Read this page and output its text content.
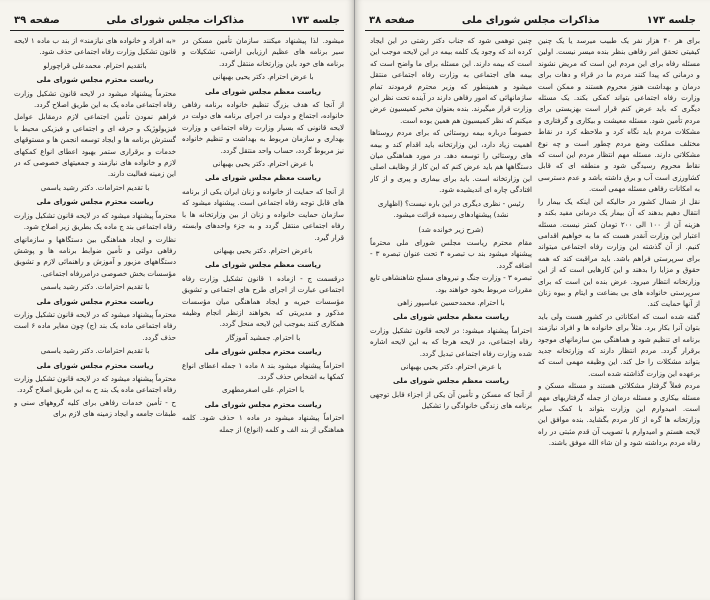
جلسه ۱۷۳
مذاکرات مجلس شورای ملی
صفحه ۳۹

میشود. لذا پیشنهاد میکنند سازمان تأمین مسکن در سیر برنامه های عظیم ارزیابی اراضی، تشکیلات و برنامه های خود باین وزارتخانه منتقل گردد.

با عرض احترام. دکتر یحیی بهبهانی
ریاست معظم مجلس شورای ملی

از آنجا که هدف بزرگ تنظیم خانواده برنامه رفاهی خانواده، اجتماع و دولت در اجرای برنامه های دولت در لایحه قانونی که بسیار وزارت رفاه اجتماعی و وزارت بهداری و سازمان مربوط به بهداشت و تنظیم خانواده نیز مربوط گردد، حساب واحد منتقل گردد.

با عرض احترام. دکتر یحیی بهبهانی
ریاست معظم مجلس شورای ملی

از آنجا که حمایت از خانواده و زنان ایران یکی از برنامه های قابل توجه رفاه اجتماعی است. پیشنهاد میشود که سازمان حمایت خانواده و زنان از بین وزارتخانه ها با رفاه اجتماعی منتقل گردد و به جزء واحدهای وابسته قرار گیرد.

باعرض احترام. دکتر یحیی بهبهانی
ریاست معظم مجلس شورای ملی

درقسمت ج - ازماده ۱ قانون تشکیل وزارت رفاه اجتماعی عبارت از اجرای طرح های اجتماعی و تشویق مؤسسات خیریه و ایجاد هماهنگی میان مؤسسات مذکور و مدیریتی که بخواهند ازنظر انجام وظیفه همکاری کنند بموجب این لایحه منحل گردد.

با احترام. جمشید آموزگار
ریاست محترم مجلس شورای ملی

احتراماً پیشنهاد میشود بند ۸ ماده ۱ جمله اعطای انواع کمکها به اشخاص حذف گردد.

با احترام. علی اصغرمطهری
ریاست محترم مجلس شورای ملی

احتراماً پیشنهاد میشود در ماده ۱ حذف شود. کلمه هماهنگی از بند الف و کلمه (انواع) از جمله

«به افراد و خانواده های نیازمند» از بند ب ماده ۱ لایحه قانون تشکیل وزارت رفاه اجتماعی حذف شود.

باتقدیم احترام. محمدعلی قراچورلو
ریاست محترم مجلس شورای ملی

محترماً پیشنهاد میشود در لایحه قانون تشکیل وزارت رفاه اجتماعی ماده یک به این طریق اصلاح گردد.

فراهم نمودن تأمین اجتماعی لازم درمقابل عوامل فیزیولوژیک و حرفه ای و اجتماعی و فیزیکی محیط با گسترش برنامه ها و ایجاد توسعه انجمن ها و مستوقهای خدمات و برقراری ستمر بهبود اعطای انواع کمکهای لازم و خانواده های نیازمند و جمعیتهای خصوصی که در این زمینه فعالیت دارند.

با تقدیم احترامات. دکتر رشید یاسمی
ریاست محترم مجلس شورای ملی

محترماً پیشنهاد میشود که در لایحه قانون تشکیل وزارت رفاه اجتماعی بند ج ماده یک بطریق زیر اصلاح شود.

نظارت و ایجاد هماهنگی بین دستگاهها و سازمانهای رفاهی دولتی و تأمین ضوابط برنامه ها و پوشش دستگاههای مزبور و آموزش و راهنمائی لازم و تشویق مؤسسات بخش خصوصی درامررفاه اجتماعی.

با تقدیم احترامات. دکتر رشید یاسمی
ریاست محترم مجلس شورای ملی

محترماً پیشنهاد میشود که در لایحه قانون تشکیل وزارت رفاه اجتماعی ماده یک بند (ج) چون مغایر ماده ۶ است حذف گردد.

با تقدیم احترامات. دکتر رشید یاسمی
ریاست محترم مجلس شورای ملی

محترماً پیشنهاد میشود که در لایحه قانون تشکیل وزارت رفاه اجتماعی ماده یک بند ح به این طریق اصلاح گردد.

ح - تأمین خدمات رفاهی برای کلیه گروههای سنی و طبقات جامعه و ایجاد زمینه های لازم برای

جلسه ۱۷۳
مذاکرات مجلس شورای ملی
صفحه ۳۸

برای هر ۴۰ هزار نفر یک طبیب میرسد یا یک چنین کیفیتی تحقق امر رفاهی بنظر بنده میسر نیست. اولین مسئله رفاه برای این مردم این است که مریض نشوند و درمانی که پیدا کنند مردم ما در قراء و دهات برای درمان و بهداشت هنوز محروم هستند و ممکن است وزارت رفاه اجتماعی بتواند کمکی بکند. یک مسئله دیگری که باید عرض کنم قرار است بهزیستی برای مردم تأمین شود. مسئله معیشت و بیکاری و گرفتاری و مشکلات مردم باید نگاه کرد و ملاحظه کرد در نقاط مختلف مملکت وضع مردم چطور است و چه نوع مشکلاتی دارند. مسئله مهم انتظار مردم این است که نقاط محروم رسیدگی شود و منطقه ای که قابل کشاورزی است آب و برق داشته باشد و عدم دسترسی به امکانات رفاهی مسئله مهمی است.

نقل از شمال کشور در حالیکه این اینکه یک بیمار را انتقال دهیم بدهند که آن بیمار یک درمانی مفید بکند و هزینه آن از ۱۰۰ الی ۲۰۰ تومان کمتر نیست. مسئله اعتبار این وزارت آنقدر هست که ما به خواهیم اقدامی کنیم. از آن گذشته این وزارت رفاه اجتماعی میتواند برای سرپرستی فراهم باشد. باید مراقبت کند که همه حقوق و مزایا را بدهند و این کارهایی است که از این وزارتخانه انتظار میرود. عرض بنده این است که برای سرپرستی خانواده های بی بضاعت و ایتام و بیوه زنان از آنها حمایت کند.

گفته شده است که امکاناتی در کشور هست ولی باید بتوان آنرا بکار برد. مثلاً برای خانواده ها و افراد نیازمند برنامه ای تنظیم شود و هماهنگی بین سازمانهای موجود برقرار گردد. مردم انتظار دارند که وزارتخانه جدید بتواند مشکلات را حل کند. این وظیفه مهمی است که برعهده این وزارت گذاشته شده است.

مردم فعلاً گرفتار مشکلاتی هستند و مسئله مسکن و مسئله بیکاری و مسئله درمان از جمله گرفتاریهای مهم است. امیدوارم این وزارت بتواند با کمک سایر وزارتخانه ها گره از کار مردم بگشاید. بنده موافق این لایحه هستم و امیدوارم با تصویب آن قدم مثبتی در راه رفاه مردم برداشته شود و ان شاء الله موفق باشند.

چنین توهمی شود که جناب دکتر رشتی در این ایجاد کرده اند که وجود یک کلمه بیمه در این لایحه موجب این است که بیمه دارند. این مسئله برای ما واضح است که بیمه های اجتماعی به وزارت رفاه اجتماعی منتقل میشود و همینطور که وزیر محترم فرمودند تمام سازمانهائی که امور رفاهی دارند در آینده تحت نظر این وزارت قرار میگیرند. بنده بعنوان مخبر کمیسیون عرض میکنم که نظر کمیسیون هم همین بوده است.

خصوصاً درباره بیمه روستائی که برای مردم روستاها اهمیت زیاد دارد، این وزارتخانه باید اقدام کند و بیمه های روستائی را توسعه دهد. در مورد هماهنگی میان دستگاهها هم باید عرض کنم که این کار از وظایف اصلی این وزارتخانه است. باید برای بیماری و پیری و از کار افتادگی چاره ای اندیشیده شود.

رئیس - نظری دیگری در این باره نیست؟ (اظهاری نشد) پیشنهادهای رسیده قرائت میشود.
(شرح زیر خوانده شد)

مقام محترم ریاست مجلس شورای ملی محترماً پیشنهاد میشود بند ب تبصره ۳ تحت عنوان تبصره ۳ - اضافه گردد.

تبصره ۳ - وزارت جنگ و نیروهای مسلح شاهنشاهی تابع مقررات مربوط بخود خواهند بود.

با احترام. محمدحسین عباسپور زاهی
ریاست معظم مجلس شورای ملی

احتراماً پیشنهاد میشود: در لایحه قانون تشکیل وزارت رفاه اجتماعی، در لایحه هرجا که به این لایحه اشاره شده وزارت رفاه اجتماعی تبدیل گردد.

با عرض احترام. دکتر یحیی بهبهانی
ریاست معظم مجلس شورای ملی

از آنجا که مسکن و تأمین آن یکی از اجزاء قابل توجهی برنامه های زندگی خانوادگی را تشکیل
